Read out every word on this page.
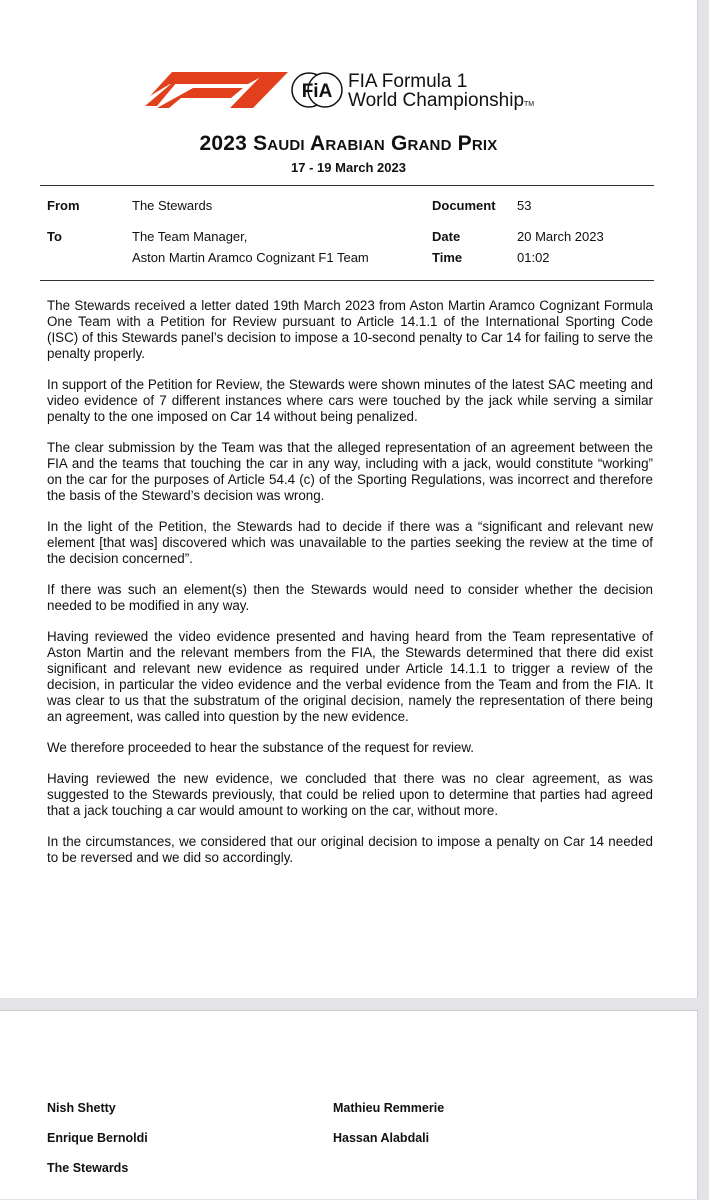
FiA FIA Formula 1
World ChampionshipTM
2023 Saudi Arabian Grand Prix
17 - 19 March 2023
From	The Stewards
To	The Team Manager,
Aston Martin Aramco Cognizant F1 Team
Document 53
Date	20 March 2023
Time	01:02

The Stewards received a letter dated 19th March 2023 from Aston Martin Aramco Cognizant Formula One Team with a Petition for Review pursuant to Article 14.1.1 of the International Sporting Code (ISC) of this Stewards panel’s decision to impose a 10-second penalty to Car 14 for failing to serve the penalty properly.

In support of the Petition for Review, the Stewards were shown minutes of the latest SAC meeting and video evidence of 7 different instances where cars were touched by the jack while serving a similar penalty to the one imposed on Car 14 without being penalized.

The clear submission by the Team was that the alleged representation of an agreement between the FIA and the teams that touching the car in any way, including with a jack, would constitute “working” on the car for the purposes of Article 54.4 (c) of the Sporting Regulations, was incorrect and therefore the basis of the Steward’s decision was wrong.

In the light of the Petition, the Stewards had to decide if there was a “significant and relevant new element [that was] discovered which was unavailable to the parties seeking the review at the time of the decision concerned”.

If there was such an element(s) then the Stewards would need to consider whether the decision needed to be modified in any way.

Having reviewed the video evidence presented and having heard from the Team representative of Aston Martin and the relevant members from the FIA, the Stewards determined that there did exist significant and relevant new evidence as required under Article 14.1.1 to trigger a review of the decision, in particular the video evidence and the verbal evidence from the Team and from the FIA. It was clear to us that the substratum of the original decision, namely the representation of there being an agreement, was called into question by the new evidence.

We therefore proceeded to hear the substance of the request for review.

Having reviewed the new evidence, we concluded that there was no clear agreement, as was suggested to the Stewards previously, that could be relied upon to determine that parties had agreed that a jack touching a car would amount to working on the car, without more.

In the circumstances, we considered that our original decision to impose a penalty on Car 14 needed to be reversed and we did so accordingly.

Nish Shetty	Mathieu Remmerie
Enrique Bernoldi	Hassan Alabdali
The Stewards
